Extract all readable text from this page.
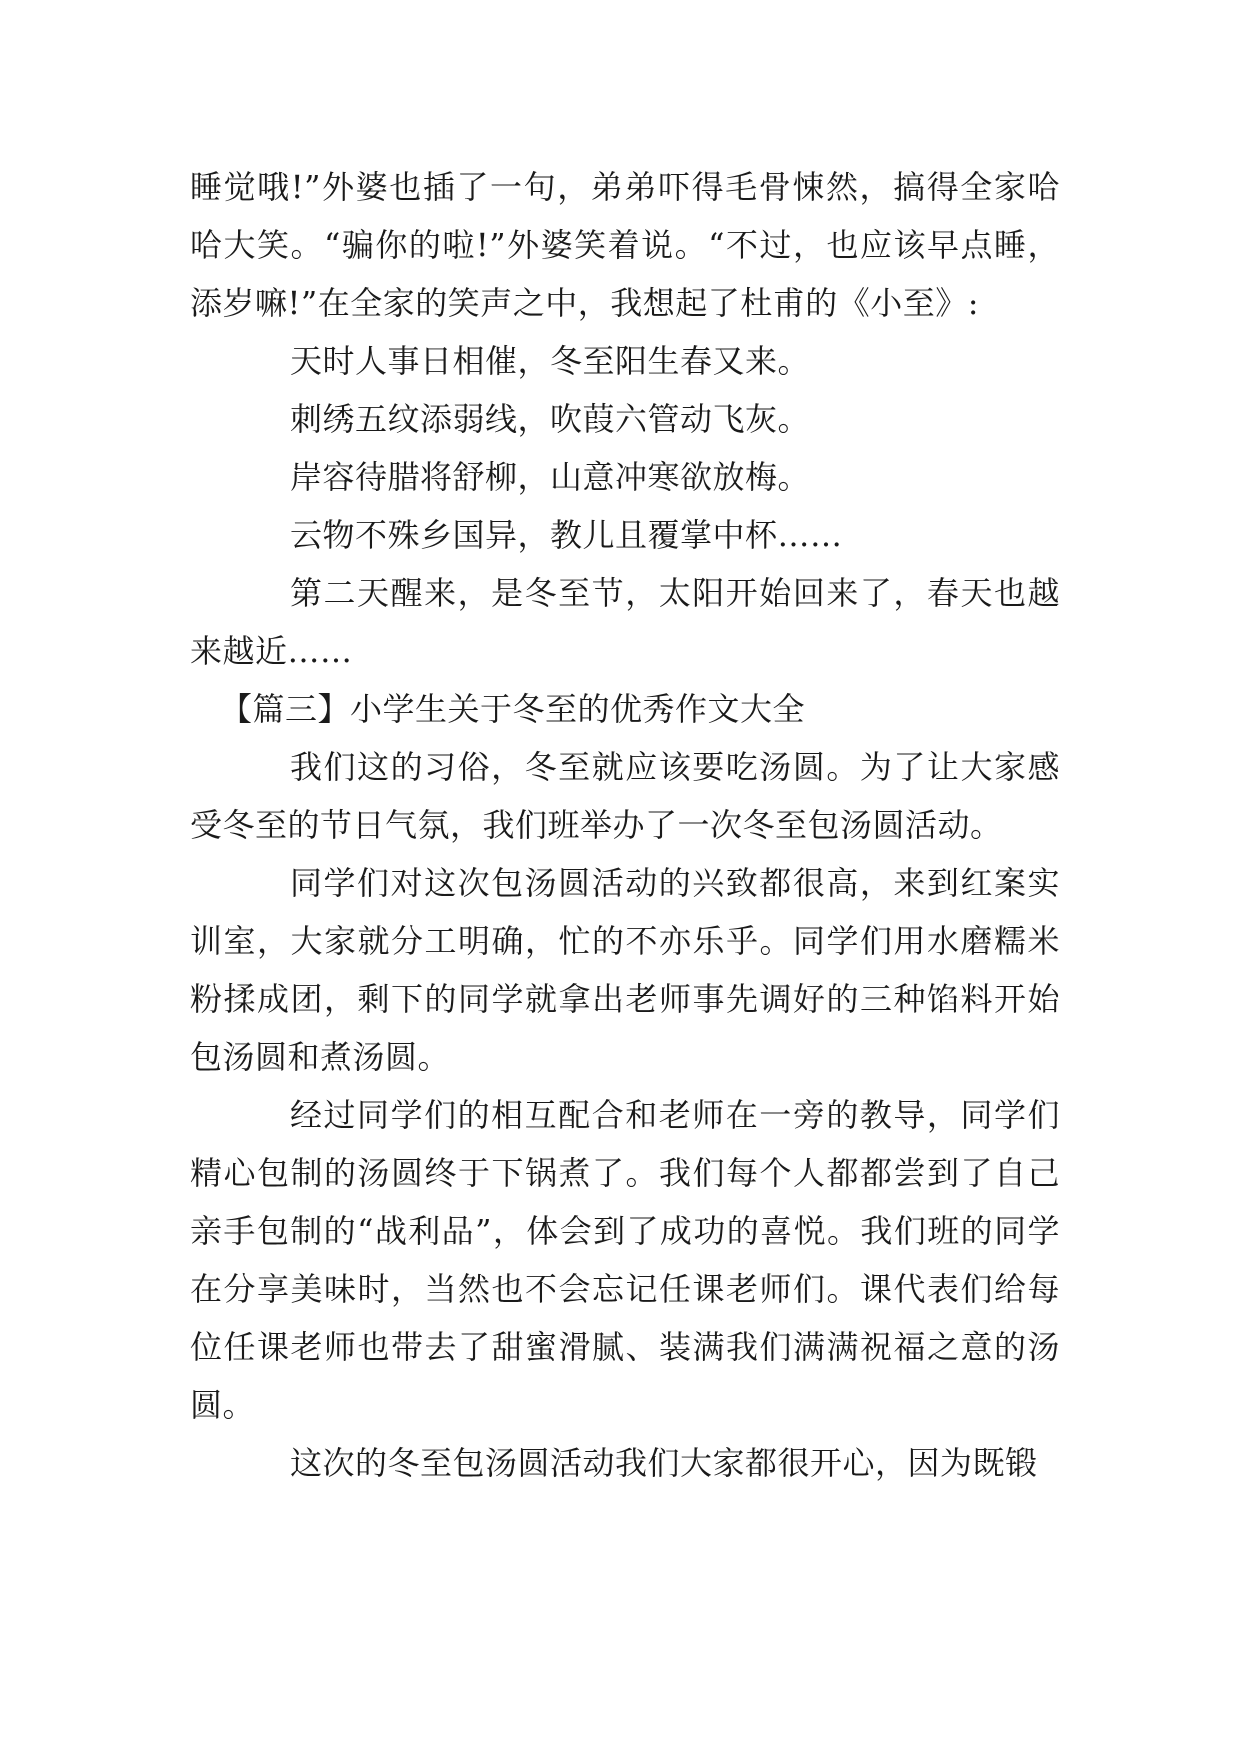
睡觉哦!”外婆也插了一句，弟弟吓得毛骨悚然，搞得全家哈哈大笑。“骗你的啦!”外婆笑着说。“不过，也应该早点睡，添岁嘛!”在全家的笑声之中，我想起了杜甫的《小至》:

天时人事日相催，冬至阳生春又来。

刺绣五纹添弱线，吹葭六管动飞灰。

岸容待腊将舒柳，山意冲寒欲放梅。

云物不殊乡国异，教儿且覆掌中杯……

第二天醒来，是冬至节，太阳开始回来了，春天也越来越近……

【篇三】小学生关于冬至的优秀作文大全

我们这的习俗，冬至就应该要吃汤圆。为了让大家感受冬至的节日气氛，我们班举办了一次冬至包汤圆活动。

同学们对这次包汤圆活动的兴致都很高，来到红案实训室，大家就分工明确，忙的不亦乐乎。同学们用水磨糯米粉揉成团，剩下的同学就拿出老师事先调好的三种馅料开始包汤圆和煮汤圆。

经过同学们的相互配合和老师在一旁的教导，同学们精心包制的汤圆终于下锅煮了。我们每个人都都尝到了自己亲手包制的“战利品”，体会到了成功的喜悦。我们班的同学在分享美味时，当然也不会忘记任课老师们。课代表们给每位任课老师也带去了甜蜜滑腻、装满我们满满祝福之意的汤圆。

这次的冬至包汤圆活动我们大家都很开心，因为既锻
